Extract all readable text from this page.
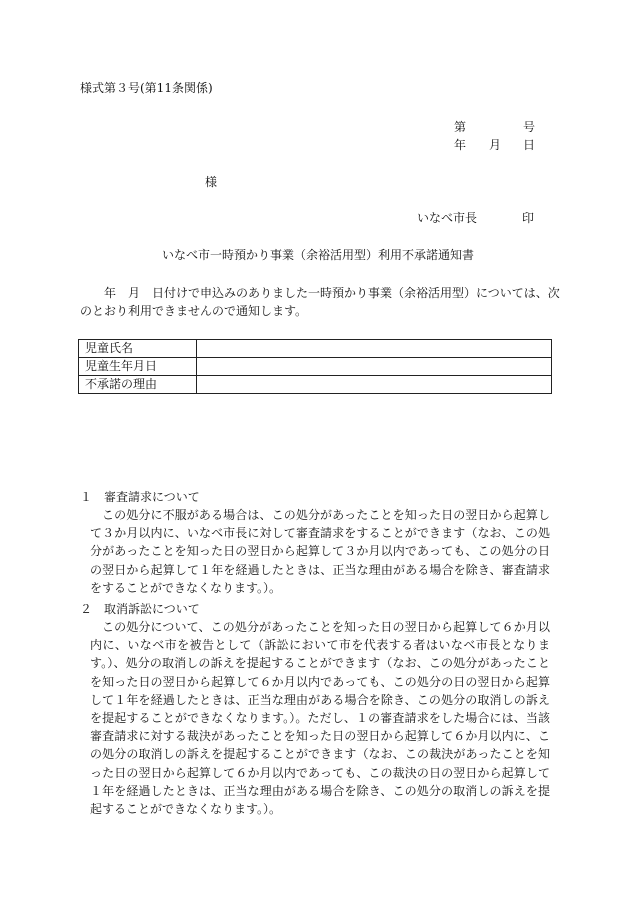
様式第３号(第11条関係)
第	号
年 月 日
様
いなべ市長	印
いなべ市一時預かり事業（余裕活用型）利用不承諾通知書
年　月　日付けで申込みのありました一時預かり事業（余裕活用型）については、次
のとおり利用できませんので通知します。
児童氏名	
児童生年月日	
不承諾の理由	
１　審査請求について
この処分に不服がある場合は、この処分があったことを知った日の翌日から起算して３か月以内に、いなべ市長に対して審査請求をすることができます（なお、この処分があったことを知った日の翌日から起算して３か月以内であっても、この処分の日の翌日から起算して１年を経過したときは、正当な理由がある場合を除き、審査請求をすることができなくなります。）。
２　取消訴訟について
この処分について、この処分があったことを知った日の翌日から起算して６か月以内に、いなべ市を被告として（訴訟において市を代表する者はいなべ市長となります。）、処分の取消しの訴えを提起することができます（なお、この処分があったことを知った日の翌日から起算して６か月以内であっても、この処分の日の翌日から起算して１年を経過したときは、正当な理由がある場合を除き、この処分の取消しの訴えを提起することができなくなります。）。ただし、１の審査請求をした場合には、当該審査請求に対する裁決があったことを知った日の翌日から起算して６か月以内に、この処分の取消しの訴えを提起することができます（なお、この裁決があったことを知った日の翌日から起算して６か月以内であっても、この裁決の日の翌日から起算して１年を経過したときは、正当な理由がある場合を除き、この処分の取消しの訴えを提起することができなくなります。）。
